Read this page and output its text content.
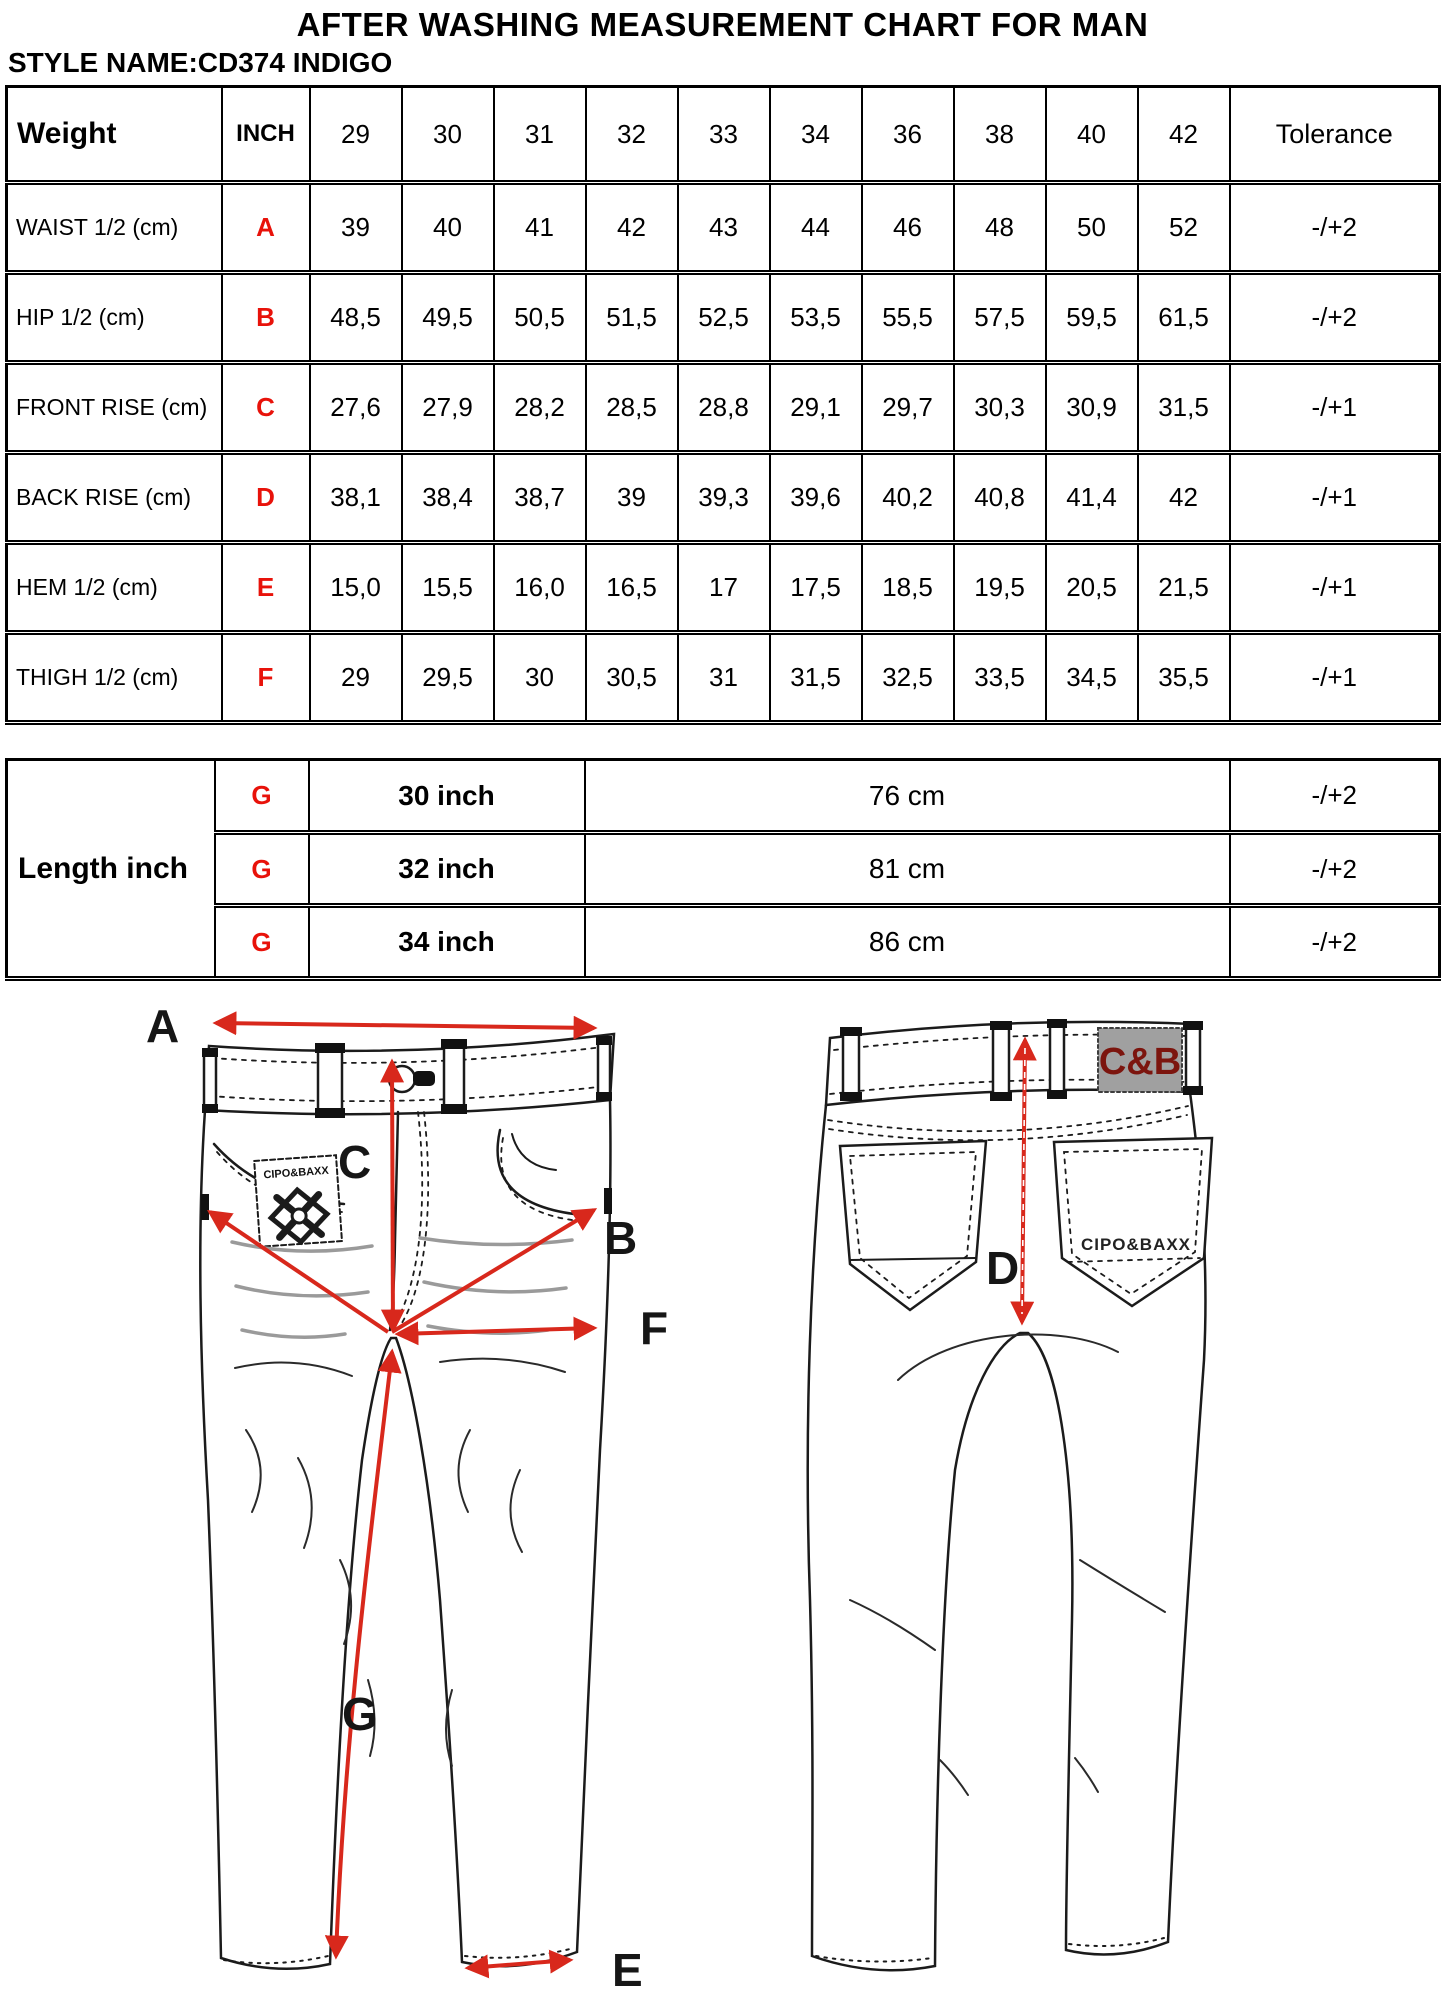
AFTER WASHING MEASUREMENT CHART FOR MAN
STYLE NAME:CD374 INDIGO
Weight	INCH	29	30	31	32	33	34	36	38	40	42	Tolerance
WAIST 1/2 (cm)	A	39	40	41	42	43	44	46	48	50	52	-/+2
HIP 1/2 (cm)	B	48,5	49,5	50,5	51,5	52,5	53,5	55,5	57,5	59,5	61,5	-/+2
FRONT RISE (cm)	C	27,6	27,9	28,2	28,5	28,8	29,1	29,7	30,3	30,9	31,5	-/+1
BACK RISE (cm)	D	38,1	38,4	38,7	39	39,3	39,6	40,2	40,8	41,4	42	-/+1
HEM 1/2 (cm)	E	15,0	15,5	16,0	16,5	17	17,5	18,5	19,5	20,5	21,5	-/+1
THIGH 1/2 (cm)	F	29	29,5	30	30,5	31	31,5	32,5	33,5	34,5	35,5	-/+1
Length inch	G	30 inch	76 cm	-/+2
	G	32 inch	81 cm	-/+2
	G	34 inch	86 cm	-/+2
CIPO&BAXX
A
C
B
F
G
E
C&B
CIPO&BAXX
D
